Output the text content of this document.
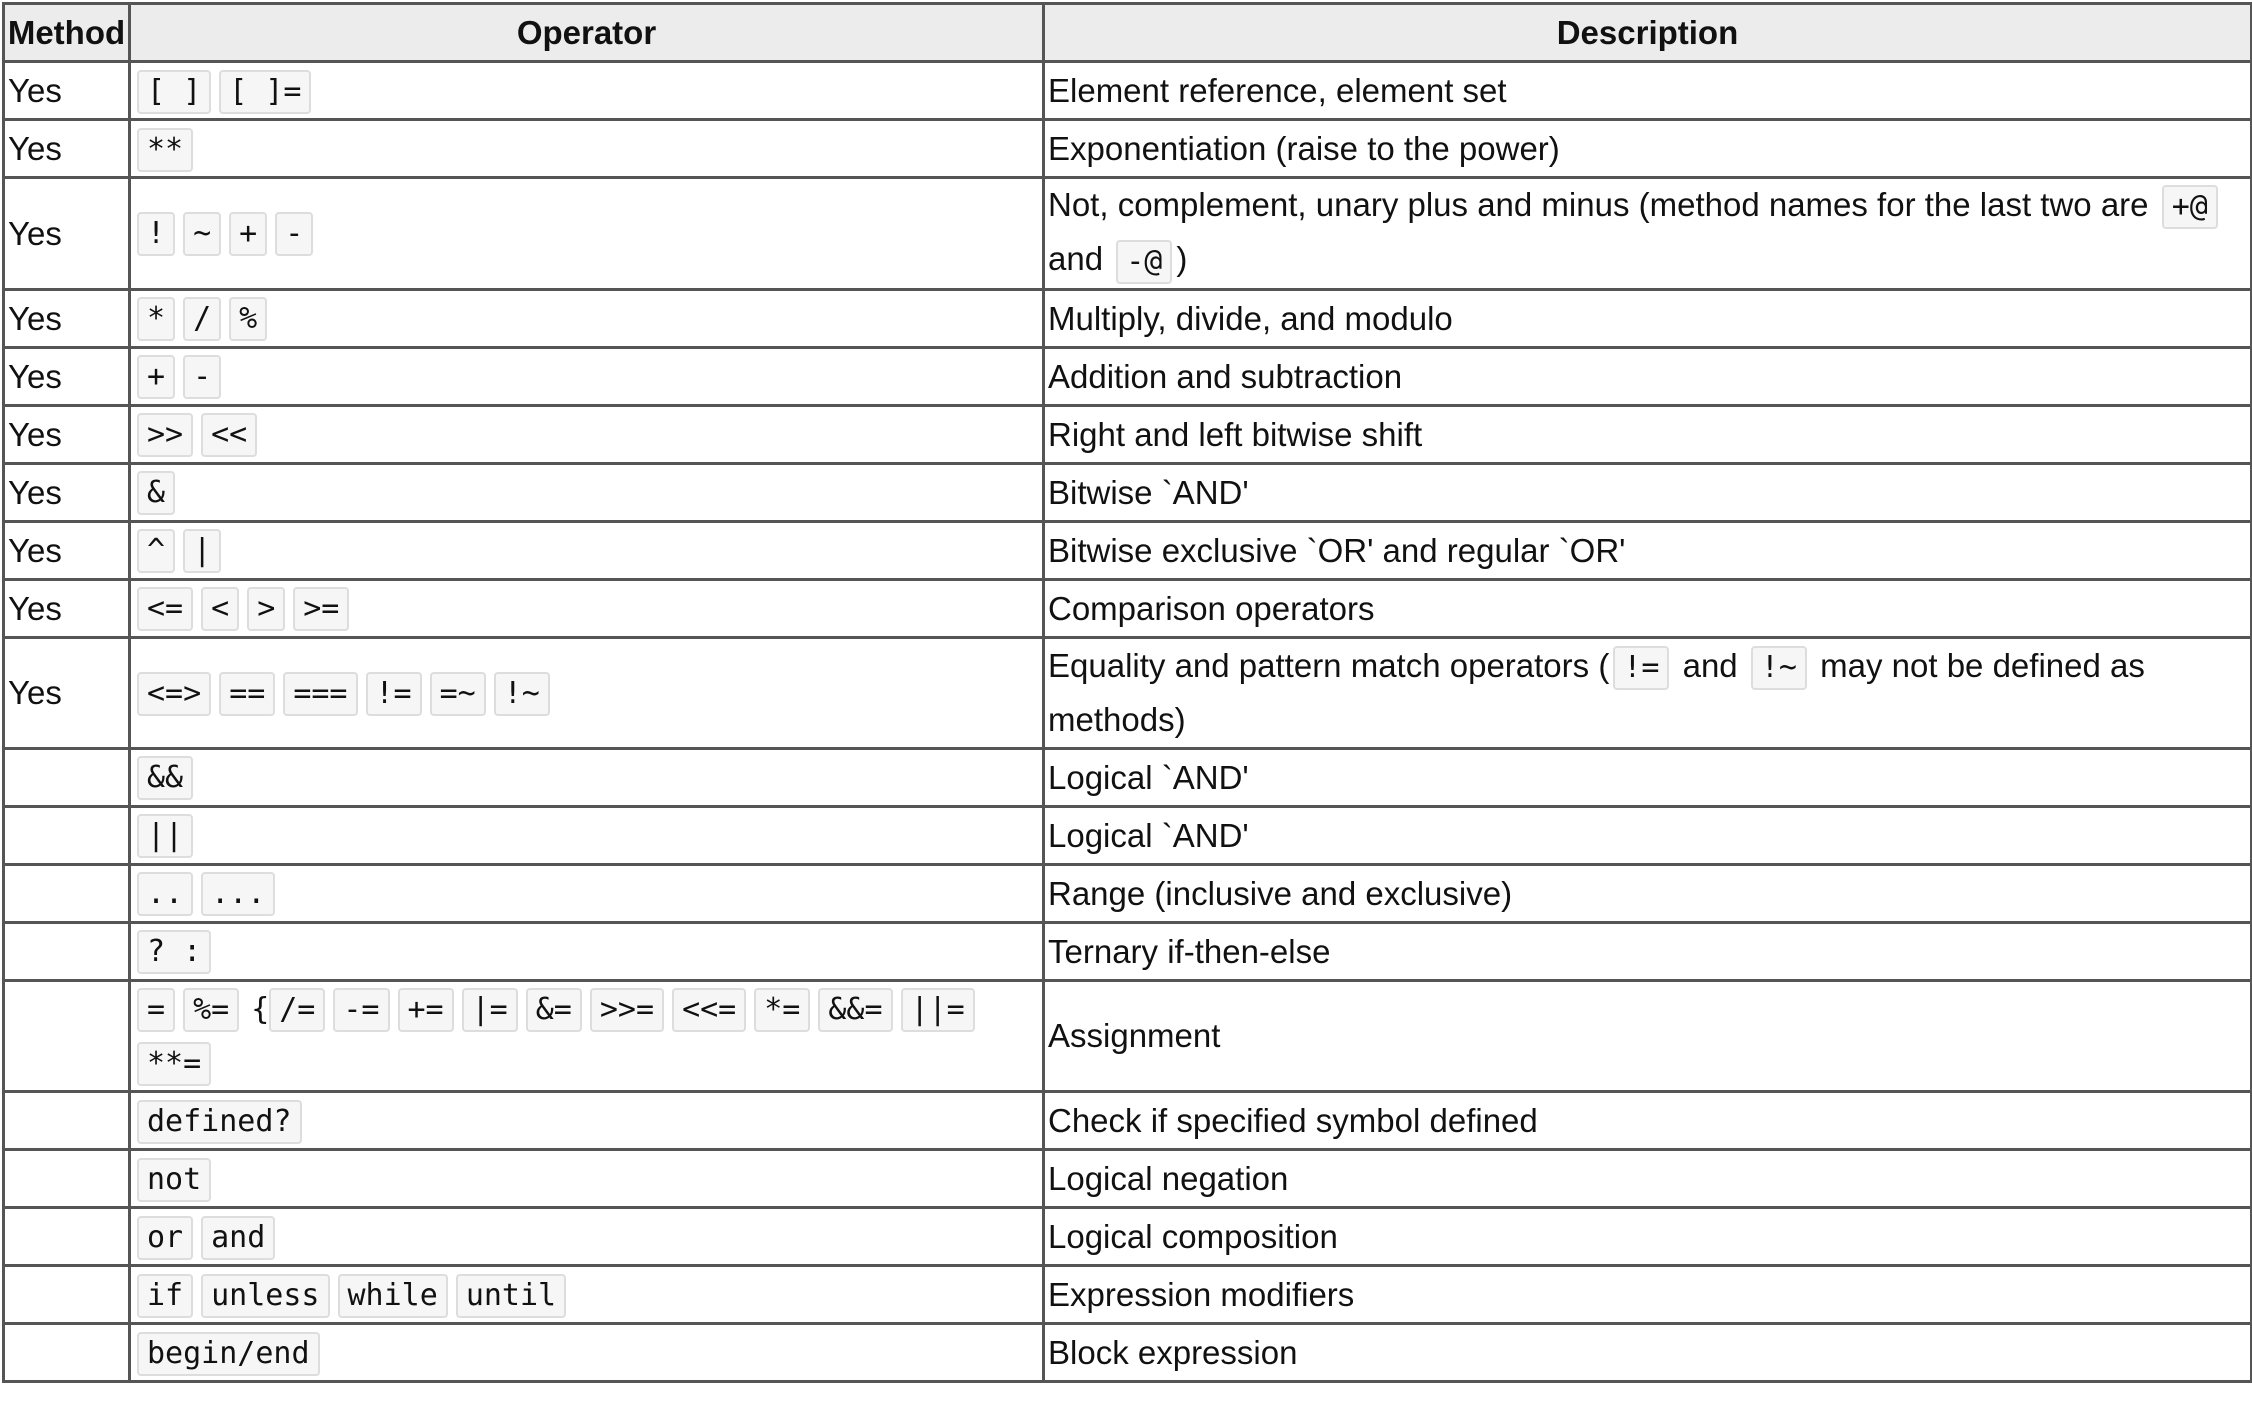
Method	Operator	Description
Yes	[ ] [ ]=	Element reference, element set
Yes	**	Exponentiation (raise to the power)
Yes	! ~ + -	Not, complement, unary plus and minus (method names for the last two are +@ and -@ )
Yes	* / %	Multiply, divide, and modulo
Yes	+ -	Addition and subtraction
Yes	>> <<	Right and left bitwise shift
Yes	&	Bitwise `AND'
Yes	^ |	Bitwise exclusive `OR' and regular `OR'
Yes	<= < > >=	Comparison operators
Yes	<=> == === != =~ !~	Equality and pattern match operators ( != and !~ may not be defined as methods)
	&&	Logical `AND'
	||	Logical `AND'
	.. ...	Range (inclusive and exclusive)
	? :	Ternary if-then-else
	= %= { /= -= += |= &= >>= <<= *= &&= ||=**=	Assignment
	defined?	Check if specified symbol defined
	not	Logical negation
	or and	Logical composition
	if unless while until	Expression modifiers
	begin/end	Block expression
